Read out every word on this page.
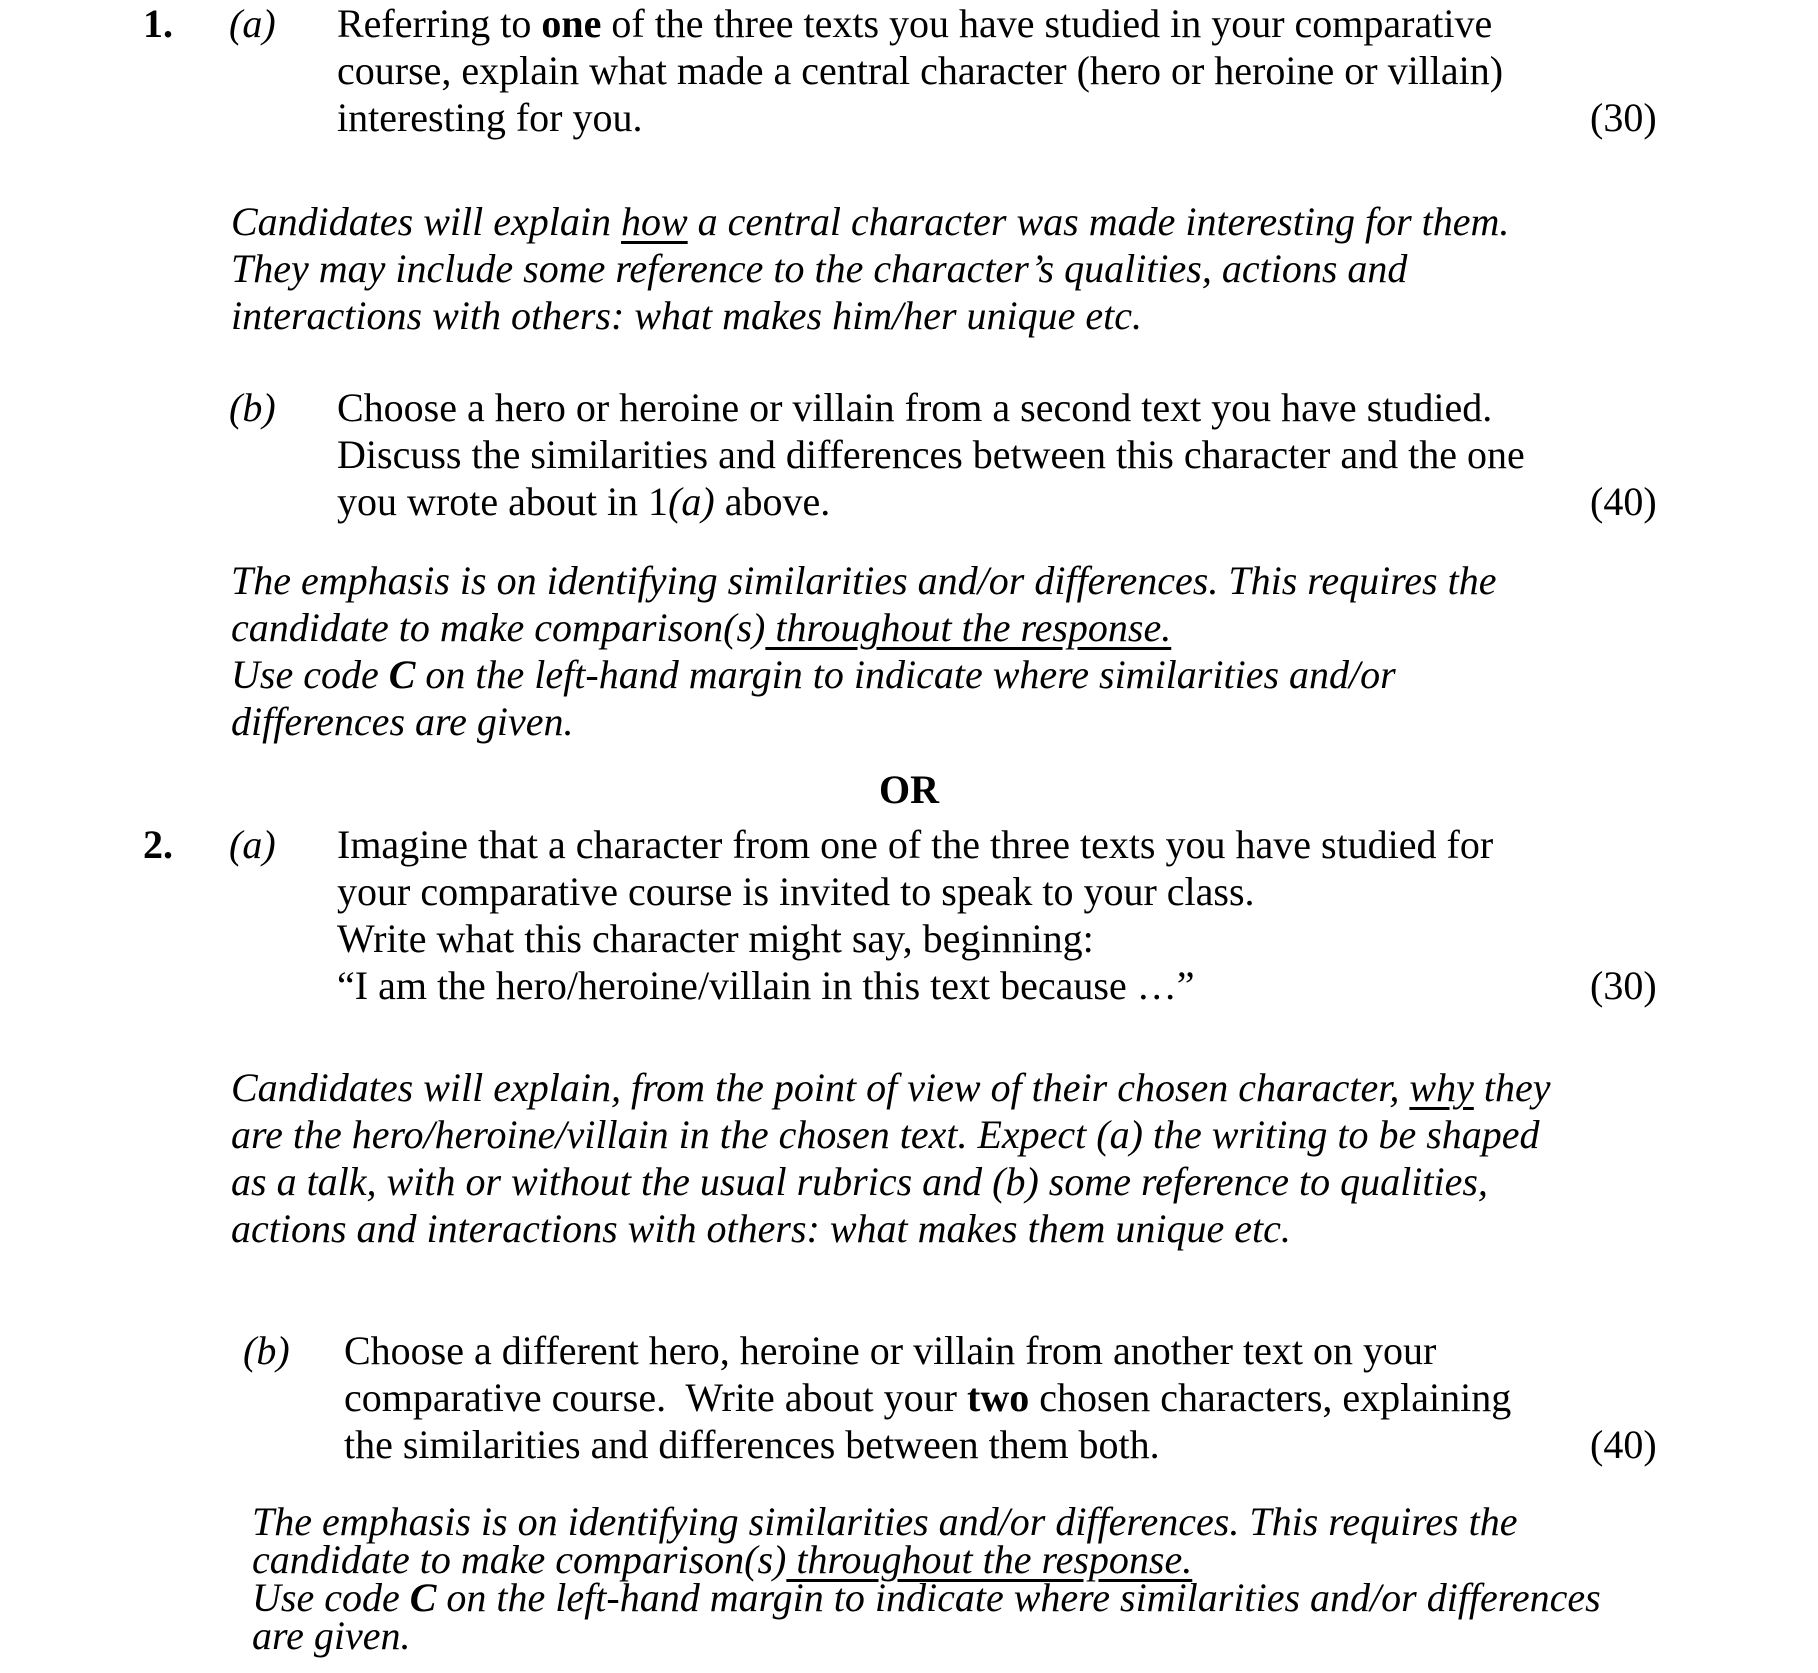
1. (a) Referring to one of the three texts you have studied in your comparative
course, explain what made a central character (hero or heroine or villain)
interesting for you.	(30)
Candidates will explain how a central character was made interesting for them.
They may include some reference to the character’s qualities, actions and
interactions with others: what makes him/her unique etc.
(b) Choose a hero or heroine or villain from a second text you have studied.
Discuss the similarities and differences between this character and the one
you wrote about in 1(a) above.	(40)
The emphasis is on identifying similarities and/or differences. This requires the
candidate to make comparison(s) throughout the response.
Use code C on the left-hand margin to indicate where similarities and/or
differences are given.
OR
2. (a) Imagine that a character from one of the three texts you have studied for
your comparative course is invited to speak to your class.
Write what this character might say, beginning:
“I am the hero/heroine/villain in this text because …”	(30)
Candidates will explain, from the point of view of their chosen character, why they
are the hero/heroine/villain in the chosen text. Expect (a) the writing to be shaped
as a talk, with or without the usual rubrics and (b) some reference to qualities,
actions and interactions with others: what makes them unique etc.
(b) Choose a different hero, heroine or villain from another text on your
comparative course.  Write about your two chosen characters, explaining
the similarities and differences between them both.	(40)
The emphasis is on identifying similarities and/or differences. This requires the
candidate to make comparison(s) throughout the response.
Use code C on the left-hand margin to indicate where similarities and/or differences
are given.
